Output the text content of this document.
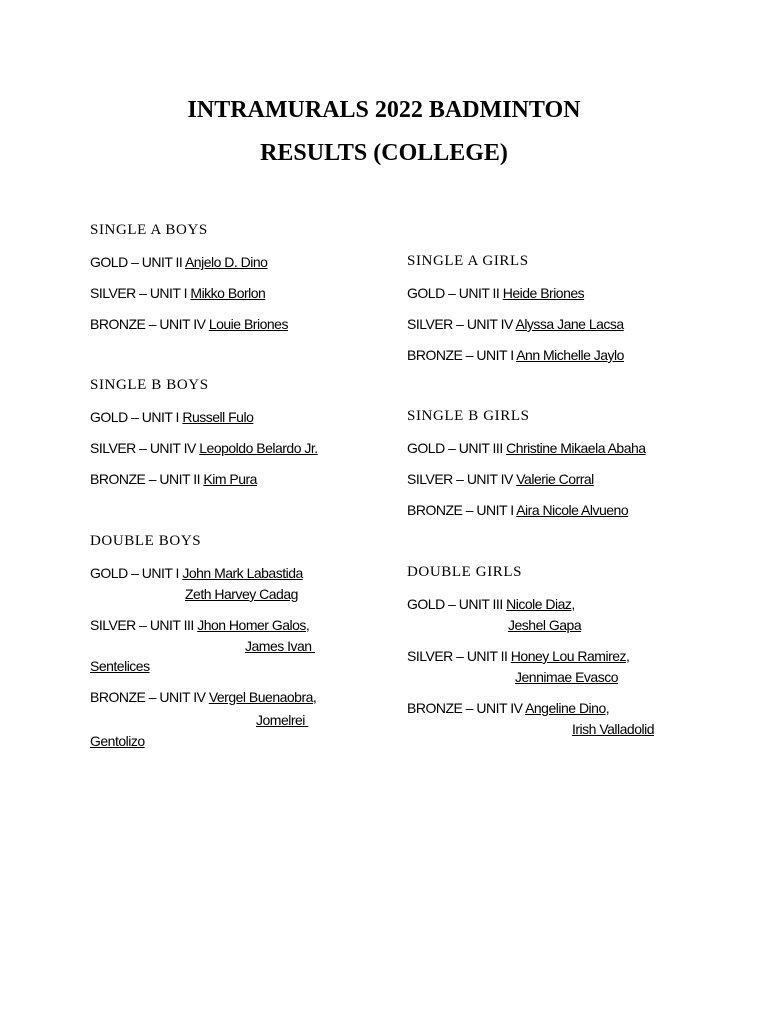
INTRAMURALS 2022 BADMINTON
RESULTS (COLLEGE)
SINGLE A BOYS
GOLD – UNIT II Anjelo D. Dino
SILVER – UNIT I Mikko Borlon
BRONZE – UNIT IV Louie Briones
SINGLE B BOYS
GOLD – UNIT I Russell Fulo
SILVER – UNIT IV Leopoldo Belardo Jr.
BRONZE – UNIT II Kim Pura
DOUBLE BOYS
GOLD – UNIT I John Mark Labastida
Zeth Harvey Cadag
SILVER – UNIT III Jhon Homer Galos,
James Ivan
Sentelices
BRONZE – UNIT IV Vergel Buenaobra,
Jomelrei
Gentolizo
SINGLE A GIRLS
GOLD – UNIT II Heide Briones
SILVER – UNIT IV Alyssa Jane Lacsa
BRONZE – UNIT I Ann Michelle Jaylo
SINGLE B GIRLS
GOLD – UNIT III Christine Mikaela Abaha
SILVER – UNIT IV Valerie Corral
BRONZE – UNIT I Aira Nicole Alvueno
DOUBLE GIRLS
GOLD – UNIT III Nicole Diaz,
Jeshel Gapa
SILVER – UNIT II Honey Lou Ramirez,
Jennimae Evasco
BRONZE – UNIT IV Angeline Dino,
Irish Valladolid
